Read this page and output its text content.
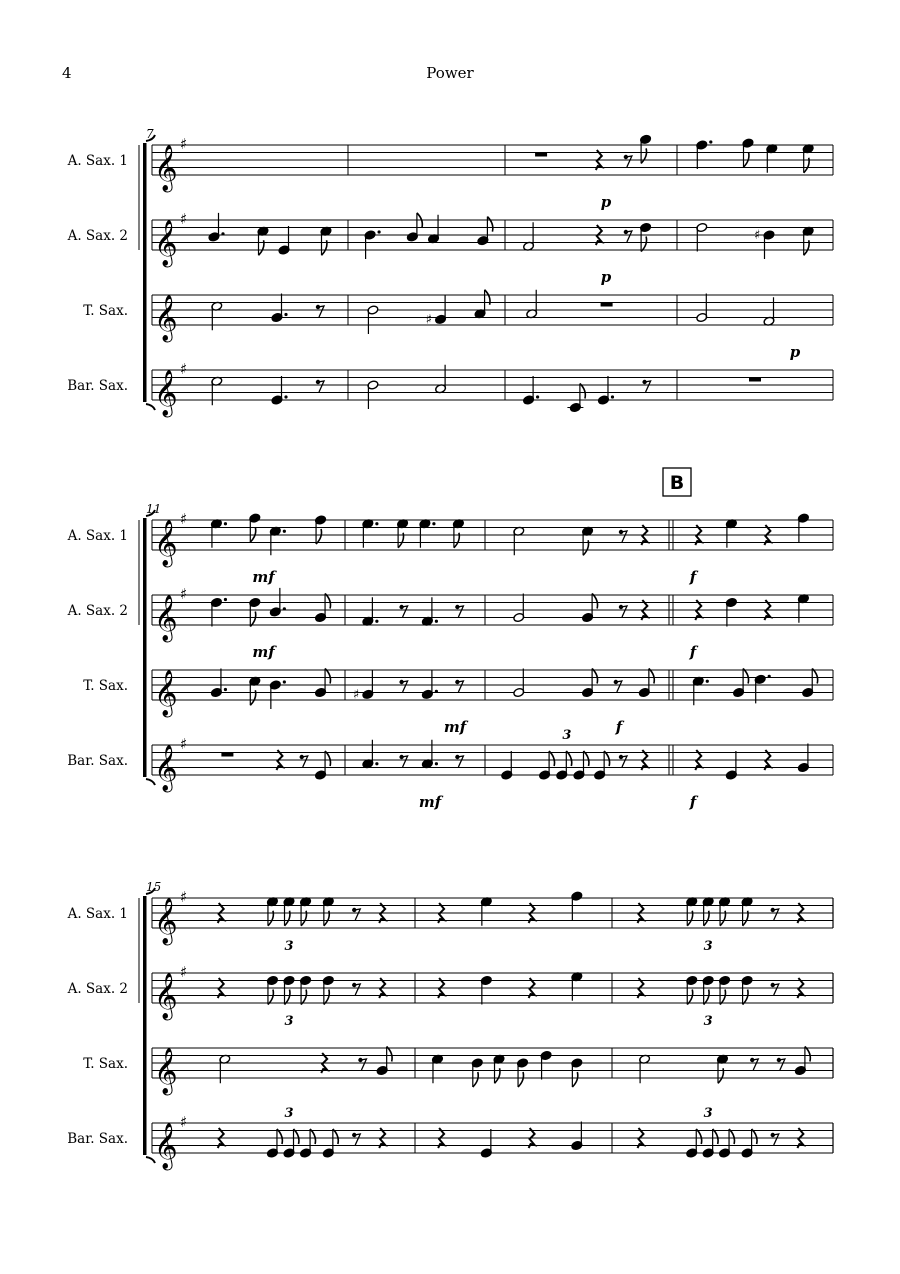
4	Power
7
𝄞
♯
A. Sax. 1
𝄞
♯
A. Sax. 2	♯
𝄞
T. Sax.
♯
𝄞
♯
Bar. Sax.
p
p
p
11
𝄞
♯
A. Sax. 1
𝄞
♯
A. Sax. 2
𝄞
T. Sax.
♯
𝄞
♯
Bar. Sax.
B
mf
mf
mf
mf
f
f
f
f
3
15
𝄞
♯
A. Sax. 1
𝄞
♯
A. Sax. 2
𝄞
T. Sax.
𝄞
♯
Bar. Sax.
3	3
3	3
3	3
